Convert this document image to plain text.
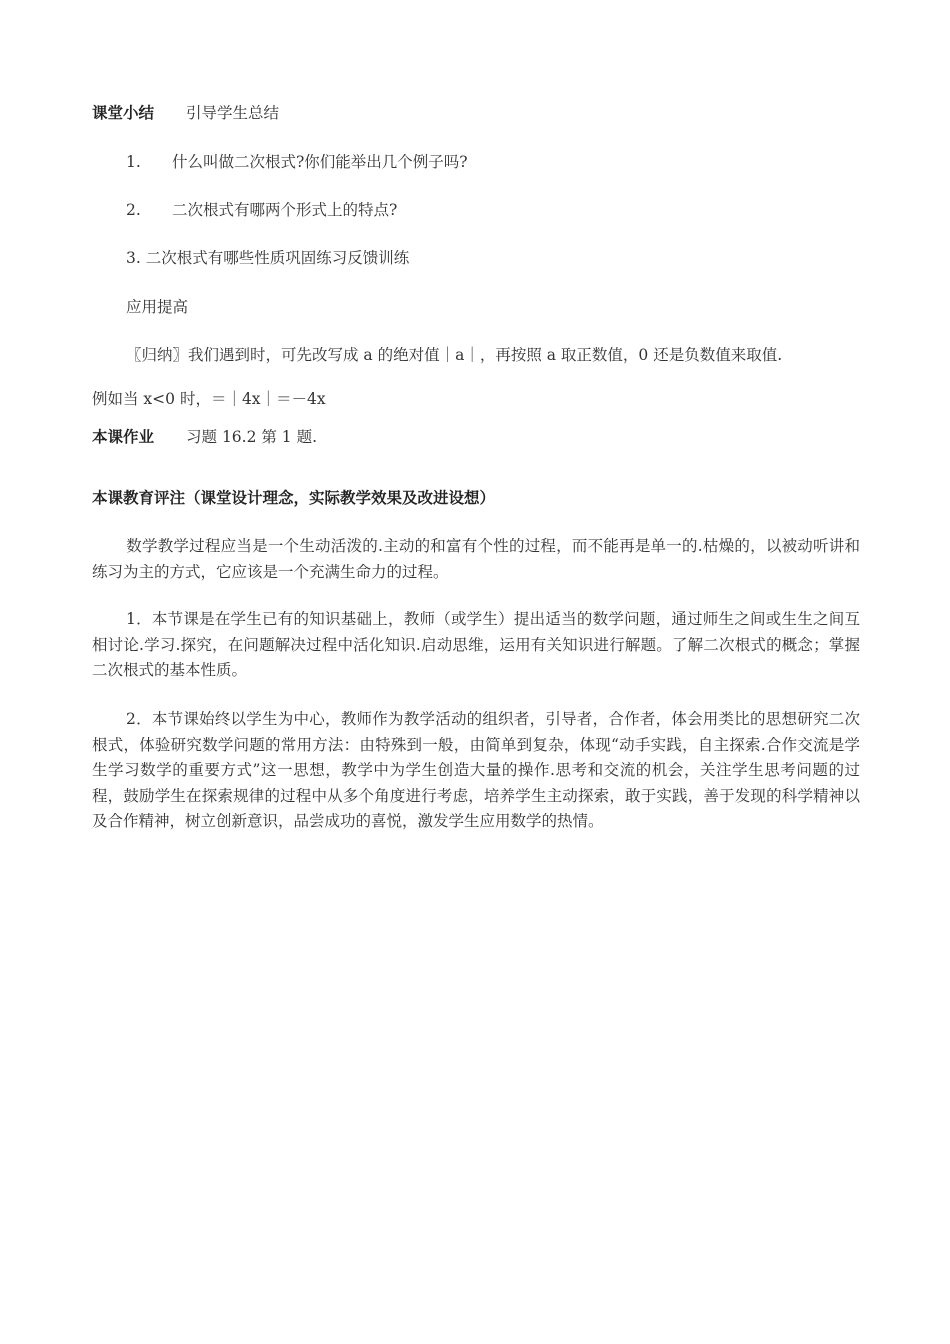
课堂小结 引导学生总结
1. 什么叫做二次根式?你们能举出几个例子吗?
2. 二次根式有哪两个形式上的特点?
3. 二次根式有哪些性质巩固练习反馈训练
应用提高
〖归纳〗我们遇到时，可先改写成 a 的绝对值｜a｜，再按照 a 取正数值，0 还是负数值来取值.
例如当 x<0 时，＝｜4x｜＝－4x
本课作业 习题 16.2 第 1 题.
本课教育评注（课堂设计理念，实际教学效果及改进设想）
数学教学过程应当是一个生动活泼的.主动的和富有个性的过程，而不能再是单一的.枯燥的，以被动听讲和练习为主的方式，它应该是一个充满生命力的过程。
1．本节课是在学生已有的知识基础上，教师（或学生）提出适当的数学问题，通过师生之间或生生之间互相讨论.学习.探究，在问题解决过程中活化知识.启动思维，运用有关知识进行解题。了解二次根式的概念；掌握二次根式的基本性质。
2．本节课始终以学生为中心，教师作为教学活动的组织者，引导者，合作者，体会用类比的思想研究二次根式，体验研究数学问题的常用方法：由特殊到一般，由简单到复杂，体现“动手实践，自主探索.合作交流是学生学习数学的重要方式”这一思想，教学中为学生创造大量的操作.思考和交流的机会，关注学生思考问题的过程，鼓励学生在探索规律的过程中从多个角度进行考虑，培养学生主动探索，敢于实践，善于发现的科学精神以及合作精神，树立创新意识，品尝成功的喜悦，激发学生应用数学的热情。
